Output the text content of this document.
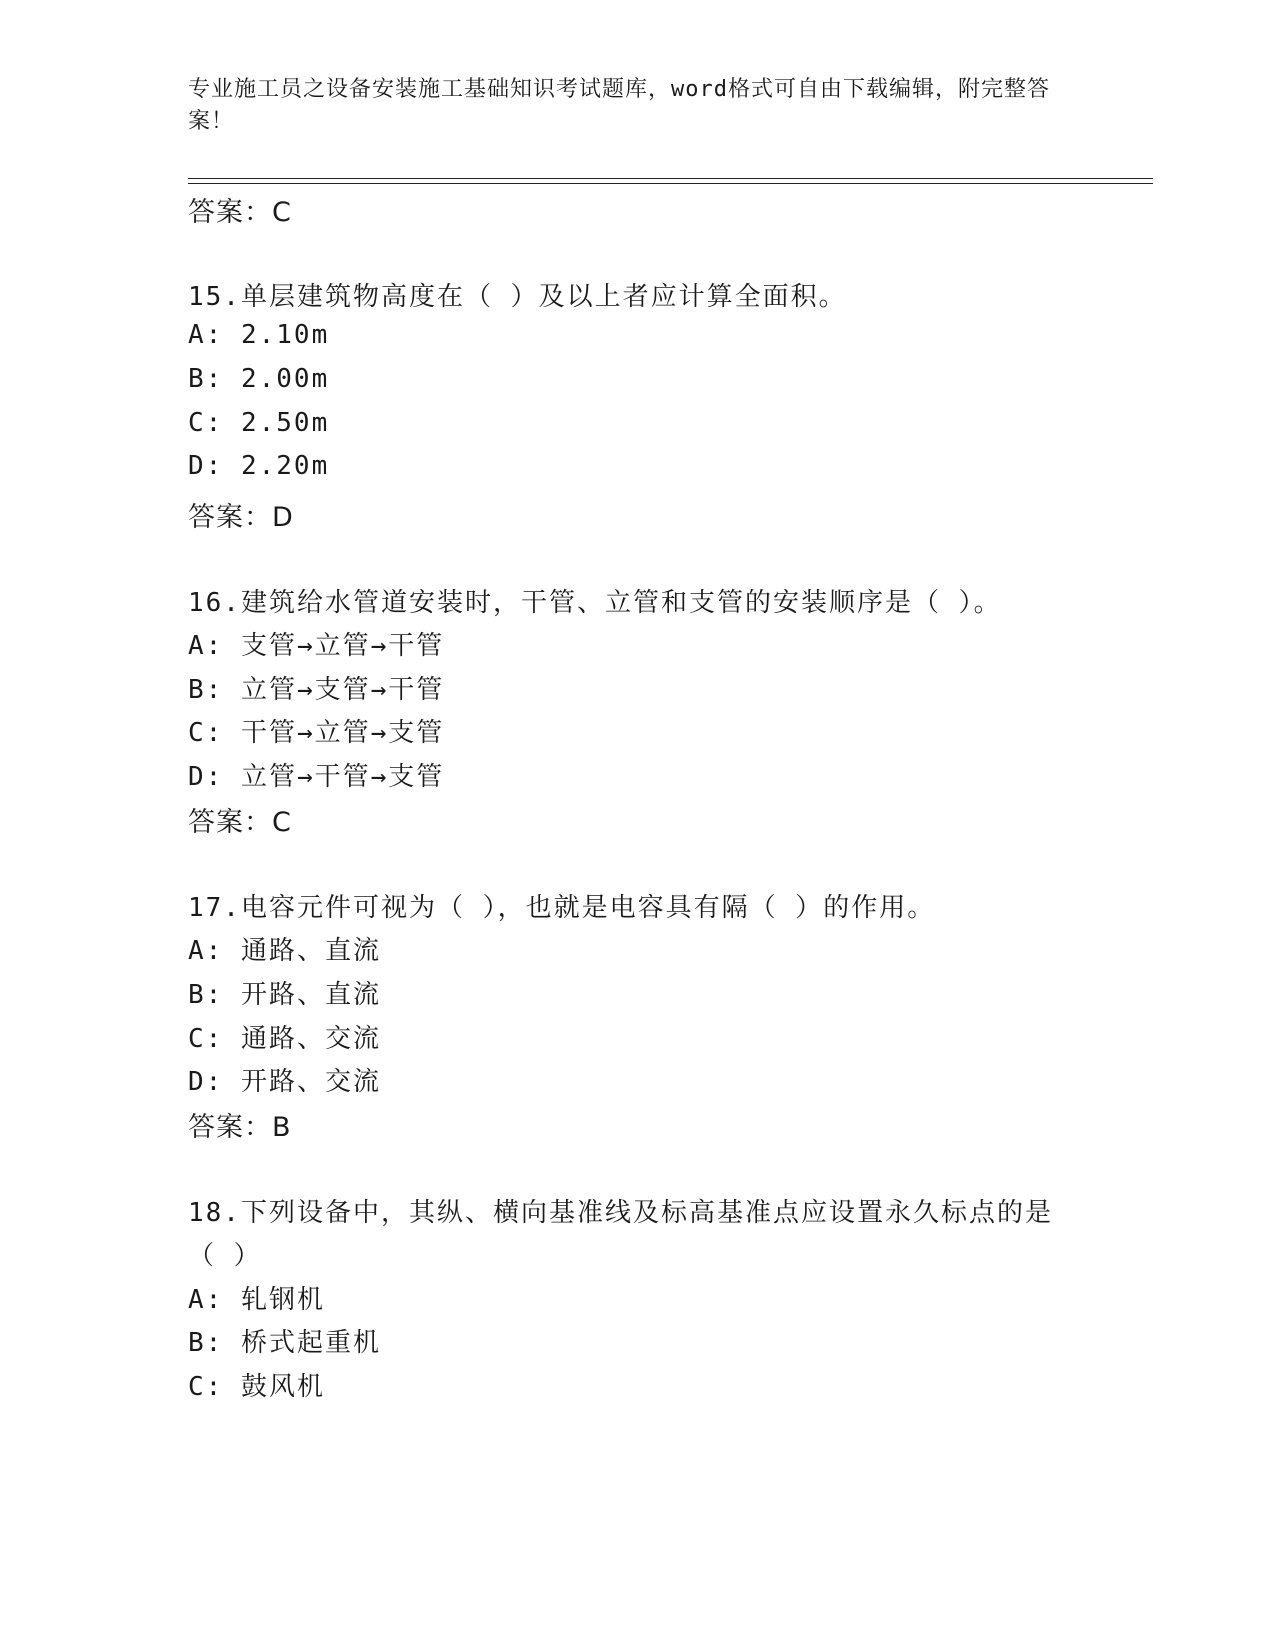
专业施工员之设备安装施工基础知识考试题库，word格式可自由下载编辑，附完整答案！
答案：C
15.单层建筑物高度在（ ）及以上者应计算全面积。
A: 2.10m
B: 2.00m
C: 2.50m
D: 2.20m
答案：D
16.建筑给水管道安装时，干管、立管和支管的安装顺序是（ ）。
A: 支管→立管→干管
B: 立管→支管→干管
C: 干管→立管→支管
D: 立管→干管→支管
答案：C
17.电容元件可视为（ ），也就是电容具有隔（ ）的作用。
A: 通路、直流
B: 开路、直流
C: 通路、交流
D: 开路、交流
答案：B
18.下列设备中，其纵、横向基准线及标高基准点应设置永久标点的是
（ ）
A: 轧钢机
B: 桥式起重机
C: 鼓风机
